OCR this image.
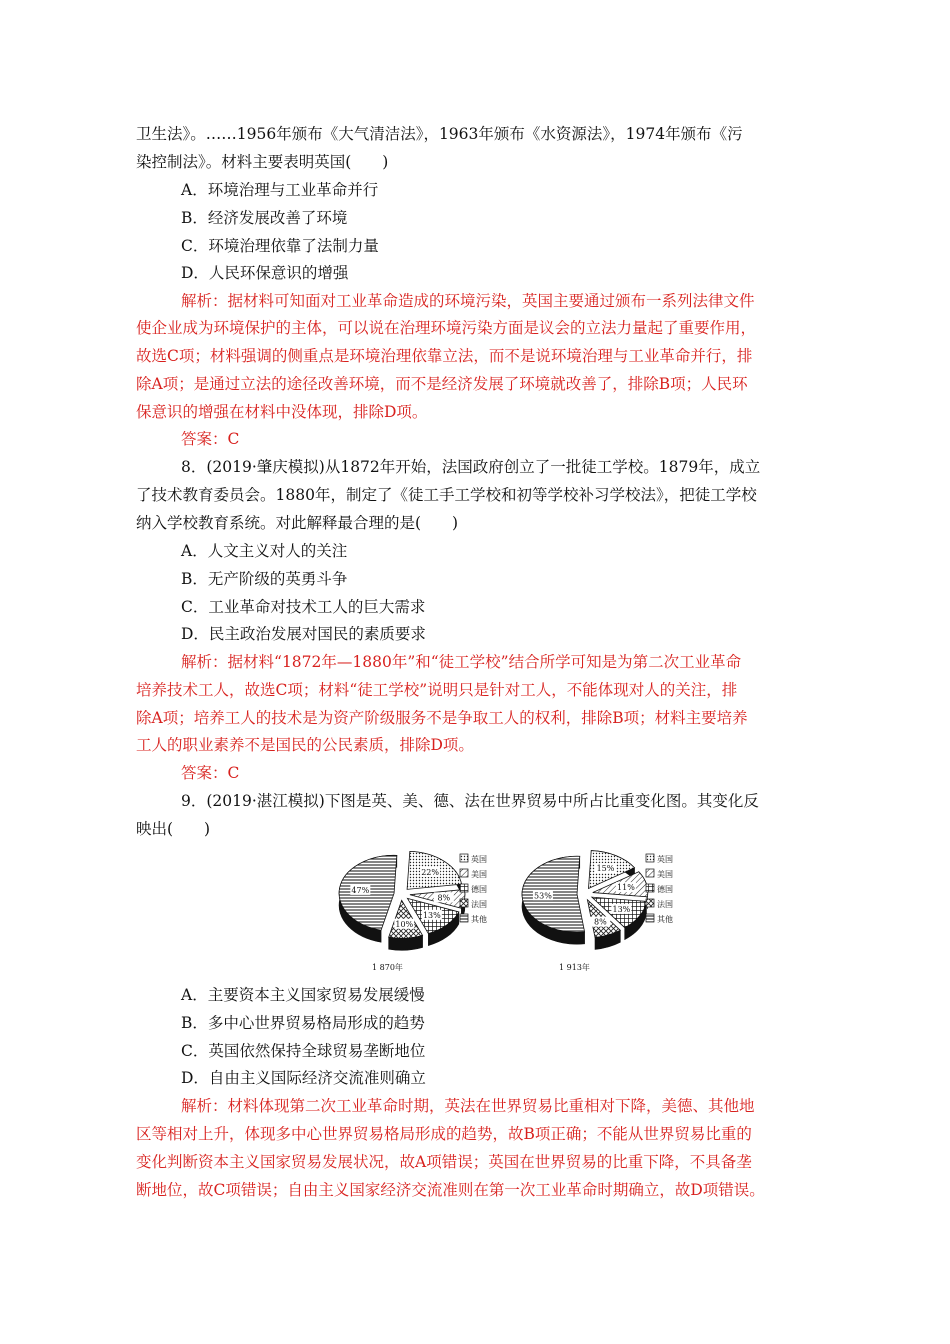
卫生法》。……1956年颁布《大气清洁法》，1963年颁布《水资源法》，1974年颁布《污
染控制法》。材料主要表明英国(　　)
A．环境治理与工业革命并行
B．经济发展改善了环境
C．环境治理依靠了法制力量
D．人民环保意识的增强
解析：据材料可知面对工业革命造成的环境污染，英国主要通过颁布一系列法律文件
使企业成为环境保护的主体，可以说在治理环境污染方面是议会的立法力量起了重要作用，
故选C项；材料强调的侧重点是环境治理依靠立法，而不是说环境治理与工业革命并行，排
除A项；是通过立法的途径改善环境，而不是经济发展了环境就改善了，排除B项；人民环
保意识的增强在材料中没体现，排除D项。
答案：C
8．(2019·肇庆模拟)从1872年开始，法国政府创立了一批徒工学校。1879年，成立
了技术教育委员会。1880年，制定了《徒工手工学校和初等学校补习学校法》，把徒工学校
纳入学校教育系统。对此解释最合理的是(　　)
A．人文主义对人的关注
B．无产阶级的英勇斗争
C．工业革命对技术工人的巨大需求
D．民主政治发展对国民的素质要求
解析：据材料“1872年—1880年”和“徒工学校”结合所学可知是为第二次工业革命
培养技术工人，故选C项；材料“徒工学校”说明只是针对工人，不能体现对人的关注，排
除A项；培养工人的技术是为资产阶级服务不是争取工人的权利，排除B项；材料主要培养
工人的职业素养不是国民的公民素质，排除D项。
答案：C
9．(2019·湛江模拟)下图是英、美、德、法在世界贸易中所占比重变化图。其变化反
映出(　　)
22%
8%
13%
10%
47%
英国
美国
德国
法国
其他
1 870年
15%
11%
13%
8%
53%
英国
美国
德国
法国
其他
1 913年
A．主要资本主义国家贸易发展缓慢
B．多中心世界贸易格局形成的趋势
C．英国依然保持全球贸易垄断地位
D．自由主义国际经济交流准则确立
解析：材料体现第二次工业革命时期，英法在世界贸易比重相对下降，美德、其他地
区等相对上升，体现多中心世界贸易格局形成的趋势，故B项正确；不能从世界贸易比重的
变化判断资本主义国家贸易发展状况，故A项错误；英国在世界贸易的比重下降，不具备垄
断地位，故C项错误；自由主义国家经济交流准则在第一次工业革命时期确立，故D项错误。
